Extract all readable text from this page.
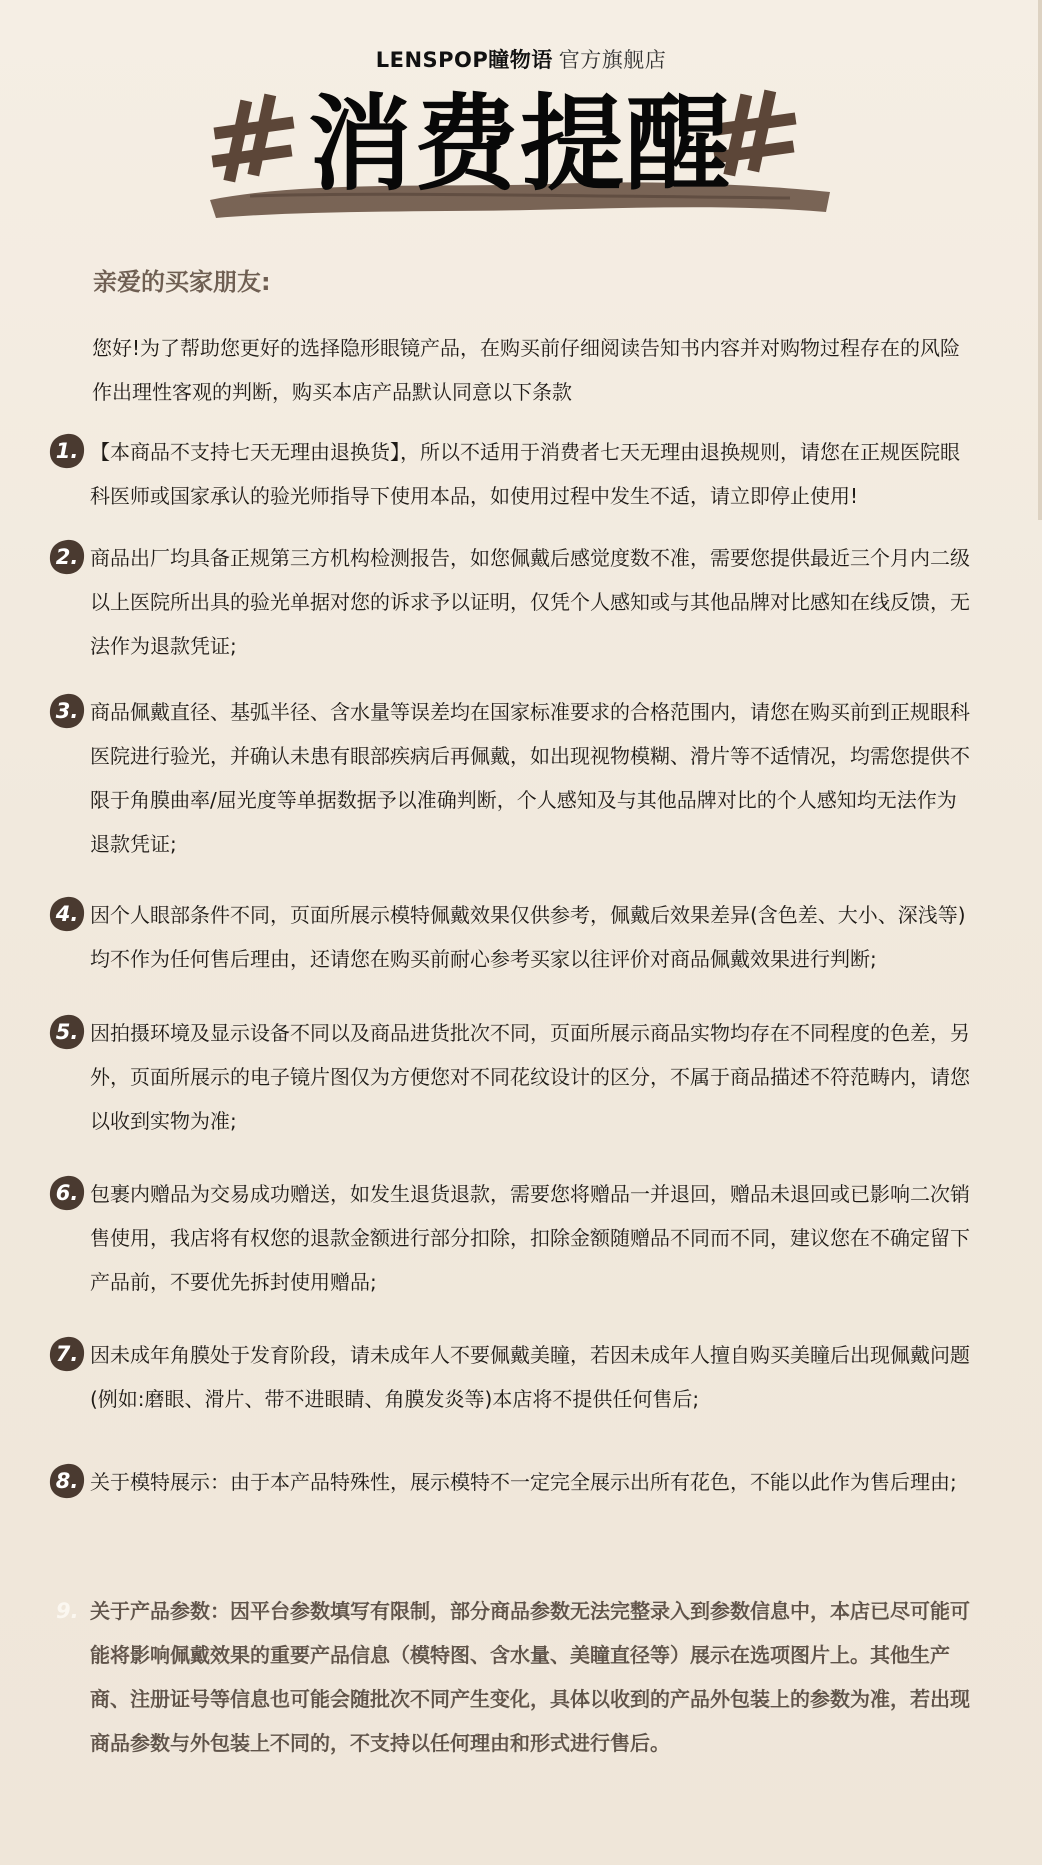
LENSPOP瞳物语 官方旗舰店
消费提醒
亲爱的买家朋友:
您好!为了帮助您更好的选择隐形眼镜产品，在购买前仔细阅读告知书内容并对购物过程存在的风险作出理性客观的判断，购买本店产品默认同意以下条款
1. 【本商品不支持七天无理由退换货】，所以不适用于消费者七天无理由退换规则，请您在正规医院眼科医师或国家承认的验光师指导下使用本品，如使用过程中发生不适，请立即停止使用!
2. 商品出厂均具备正规第三方机构检测报告，如您佩戴后感觉度数不准，需要您提供最近三个月内二级以上医院所出具的验光单据对您的诉求予以证明，仅凭个人感知或与其他品牌对比感知在线反馈，无法作为退款凭证;
3. 商品佩戴直径、基弧半径、含水量等误差均在国家标准要求的合格范围内，请您在购买前到正规眼科医院进行验光，并确认未患有眼部疾病后再佩戴，如出现视物模糊、滑片等不适情况，均需您提供不限于角膜曲率/屈光度等单据数据予以准确判断，个人感知及与其他品牌对比的个人感知均无法作为退款凭证;
4. 因个人眼部条件不同，页面所展示模特佩戴效果仅供参考，佩戴后效果差异(含色差、大小、深浅等)均不作为任何售后理由，还请您在购买前耐心参考买家以往评价对商品佩戴效果进行判断;
5. 因拍摄环境及显示设备不同以及商品进货批次不同，页面所展示商品实物均存在不同程度的色差，另外，页面所展示的电子镜片图仅为方便您对不同花纹设计的区分，不属于商品描述不符范畴内，请您以收到实物为准;
6. 包裹内赠品为交易成功赠送，如发生退货退款，需要您将赠品一并退回，赠品未退回或已影响二次销售使用，我店将有权您的退款金额进行部分扣除，扣除金额随赠品不同而不同，建议您在不确定留下产品前，不要优先拆封使用赠品;
7. 因未成年角膜处于发育阶段，请未成年人不要佩戴美瞳，若因未成年人擅自购买美瞳后出现佩戴问题(例如:磨眼、滑片、带不进眼睛、角膜发炎等)本店将不提供任何售后;
8. 关于模特展示：由于本产品特殊性，展示模特不一定完全展示出所有花色，不能以此作为售后理由;
9. 关于产品参数：因平台参数填写有限制，部分商品参数无法完整录入到参数信息中，本店已尽可能可能将影响佩戴效果的重要产品信息（模特图、含水量、美瞳直径等）展示在选项图片上。其他生产商、注册证号等信息也可能会随批次不同产生变化，具体以收到的产品外包装上的参数为准，若出现商品参数与外包装上不同的，不支持以任何理由和形式进行售后。
